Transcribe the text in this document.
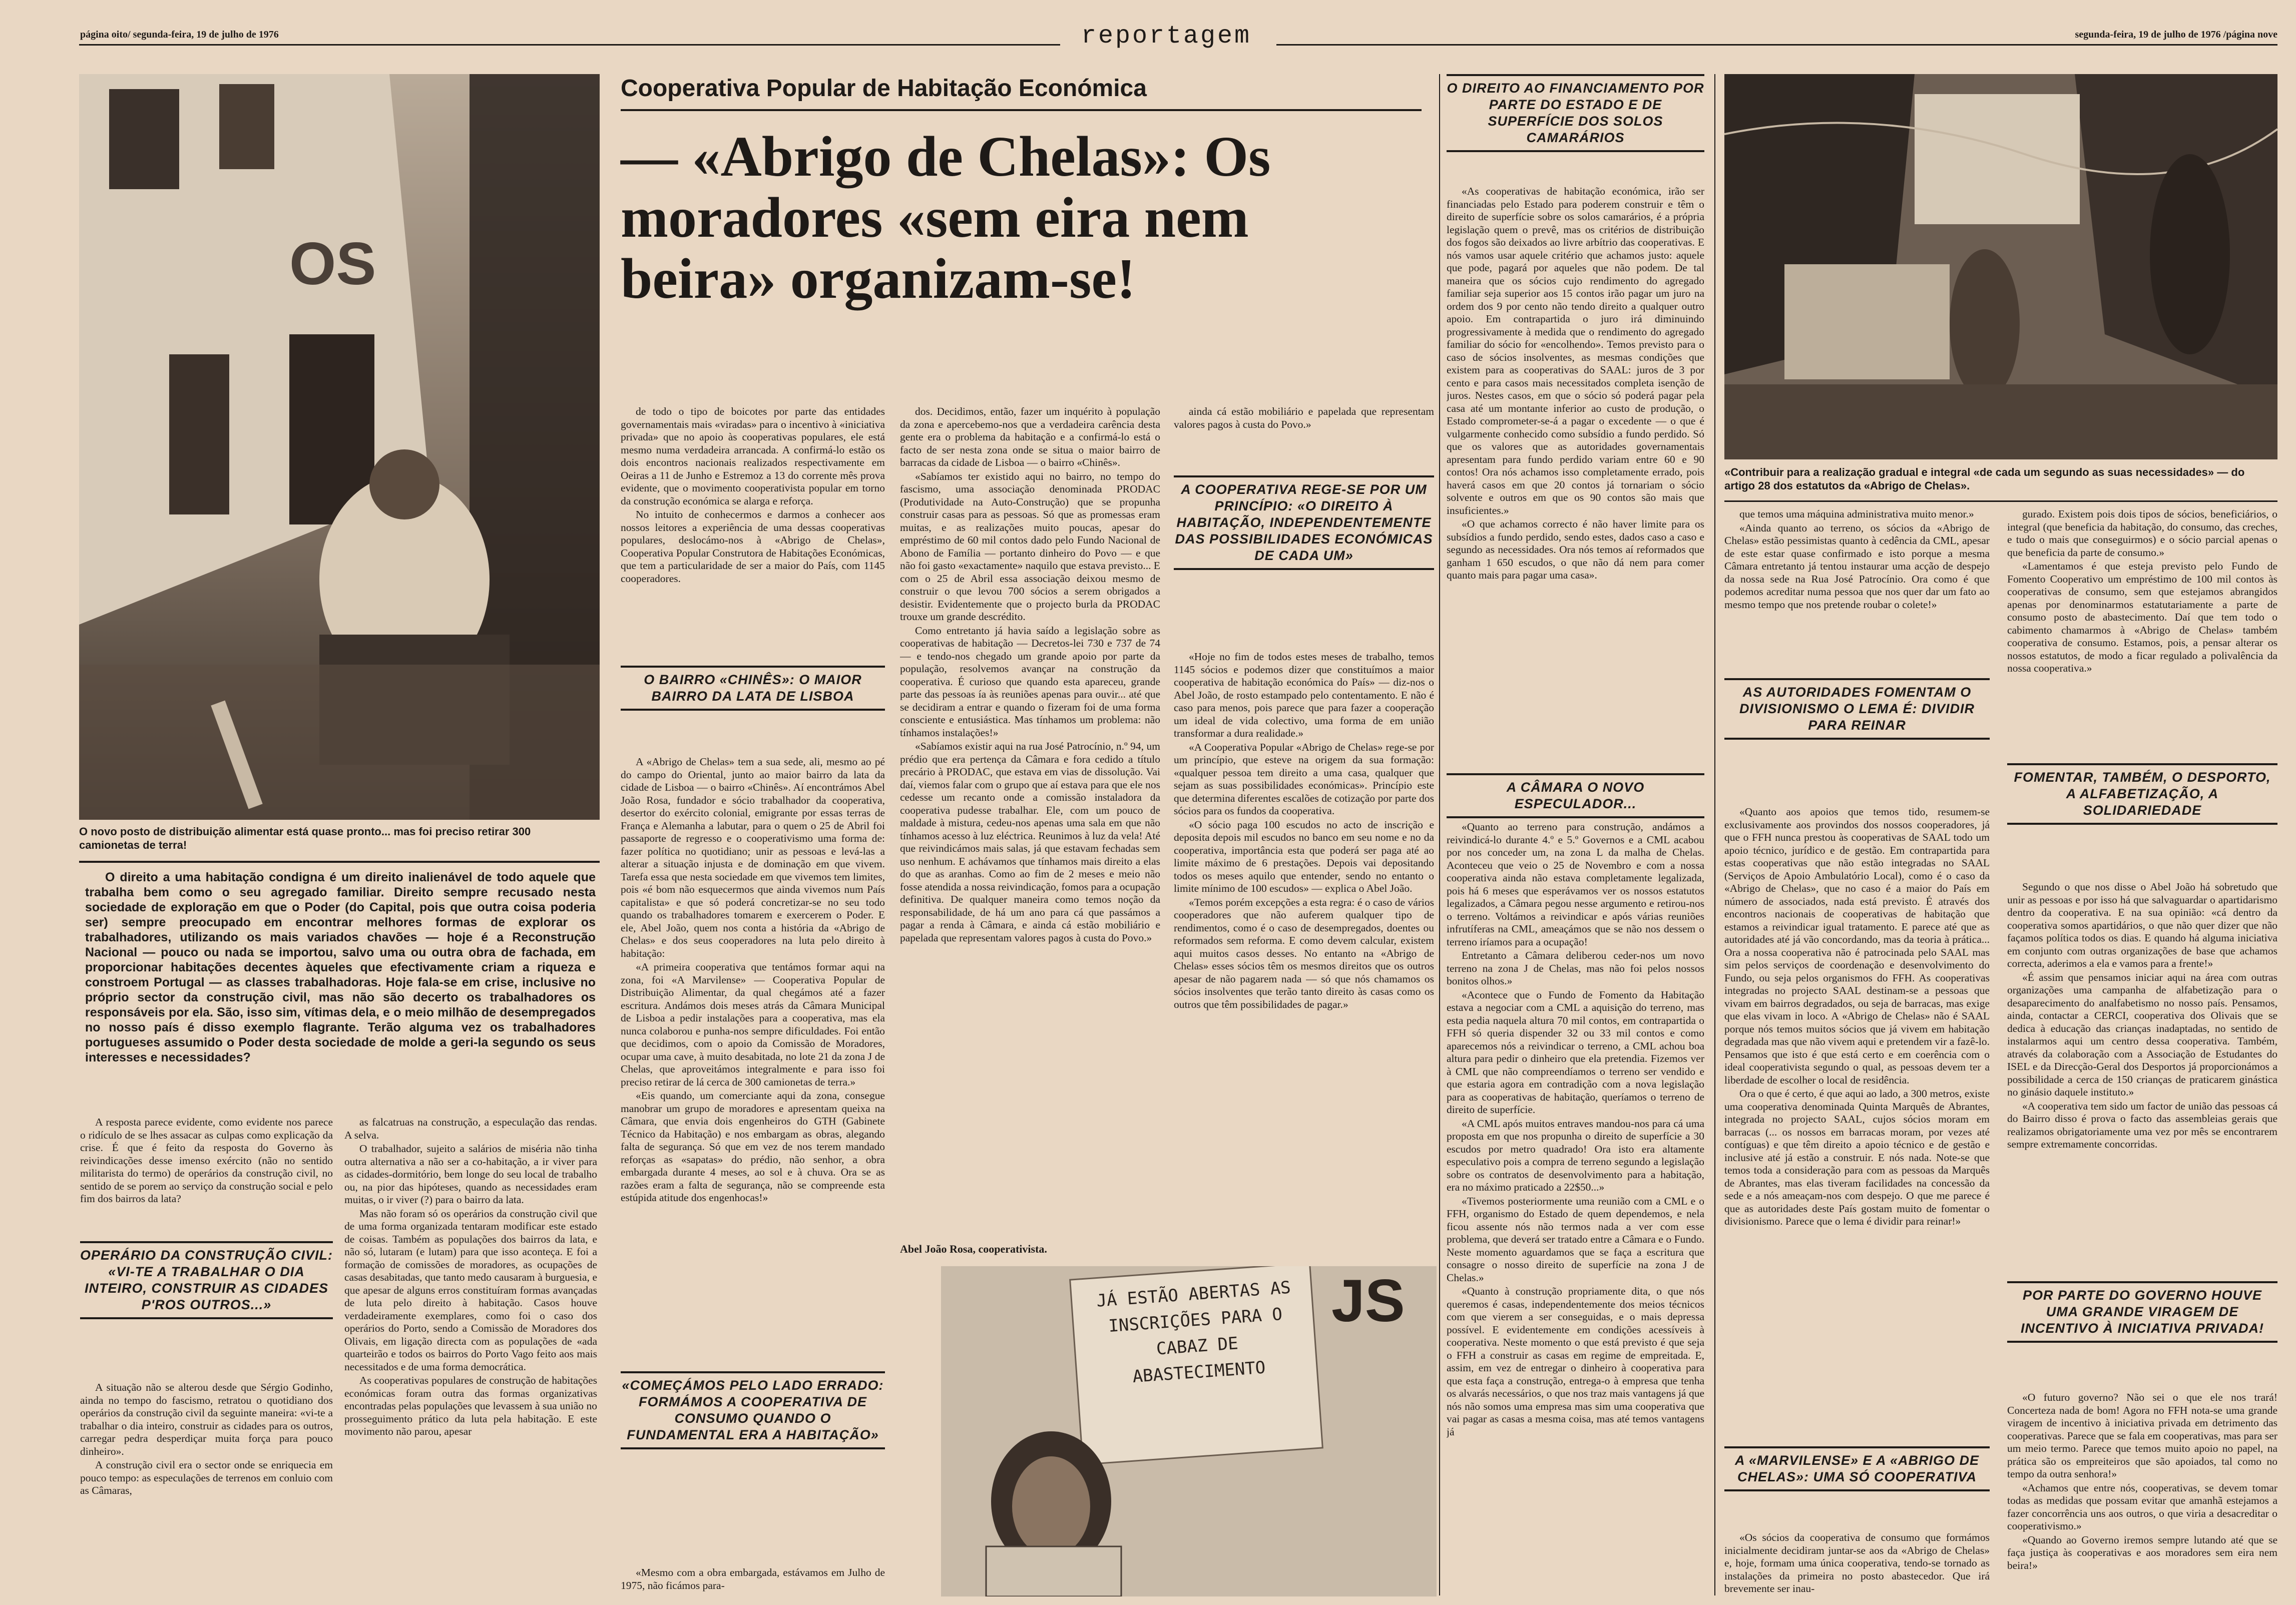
página oito/ segunda-feira, 19 de julho de 1976	reportagem	segunda-feira, 19 de julho de 1976 /página nove
OS
O novo posto de distribuição alimentar está quase pronto... mas foi preciso retirar 300 camionetas de terra!
O direito a uma habitação condigna é um direito inalienável de todo aquele que trabalha bem como o seu agregado familiar. Direito sempre recusado nesta sociedade de exploração em que o Poder (do Capital, pois que outra coisa poderia ser) sempre preocupado em encontrar melhores formas de explorar os trabalhadores, utilizando os mais variados chavões — hoje é a Reconstrução Nacional — pouco ou nada se importou, salvo uma ou outra obra de fachada, em proporcionar habitações decentes àqueles que efectivamente criam a riqueza e constroem Portugal — as classes trabalhadoras. Hoje fala-se em crise, inclusive no próprio sector da construção civil, mas não são decerto os trabalhadores os responsáveis por ela. São, isso sim, vítimas dela, e o meio milhão de desempregados no nosso país é disso exemplo flagrante. Terão alguma vez os trabalhadores portugueses assumido o Poder desta sociedade de molde a geri-la segundo os seus interesses e necessidades?

A resposta parece evidente, como evidente nos parece o ridículo de se lhes assacar as culpas como explicação da crise. É que é feito da resposta do Governo às reivindicações desse imenso exército (não no sentido militarista do termo) de operários da construção civil, no sentido de se porem ao serviço da construção social e pelo fim dos bairros da lata?

OPERÁRIO DA CONSTRUÇÃO CIVIL: «VI-TE A TRABALHAR O DIA INTEIRO, CONSTRUIR AS CIDADES P'ROS OUTROS...»

A situação não se alterou desde que Sérgio Godinho, ainda no tempo do fascismo, retratou o quotidiano dos operários da construção civil da seguinte maneira: «vi-te a trabalhar o dia inteiro, construir as cidades para os outros, carregar pedra desperdiçar muita força para pouco dinheiro».

A construção civil era o sector onde se enriquecia em pouco tempo: as especulações de terrenos em conluio com as Câmaras,

as falcatruas na construção, a especulação das rendas. A selva.

O trabalhador, sujeito a salários de miséria não tinha outra alternativa a não ser a co-habitação, a ir viver para as cidades-dormitório, bem longe do seu local de trabalho ou, na pior das hipóteses, quando as necessidades eram muitas, o ir viver (?) para o bairro da lata.

Mas não foram só os operários da construção civil que de uma forma organizada tentaram modificar este estado de coisas. Também as populações dos bairros da lata, e não só, lutaram (e lutam) para que isso aconteça. E foi a formação de comissões de moradores, as ocupações de casas desabitadas, que tanto medo causaram à burguesia, e que apesar de alguns erros constituíram formas avançadas de luta pelo direito à habitação. Casos houve verdadeiramente exemplares, como foi o caso dos operários do Porto, sendo a Comissão de Moradores dos Olivais, em ligação directa com as populações de «ada quarteirão e todos os bairros do Porto Vago feito aos mais necessitados e de uma forma democrática.

As cooperativas populares de construção de habitações económicas foram outra das formas organizativas encontradas pelas populações que levassem à sua união no prosseguimento prático da luta pela habitação. E este movimento não parou, apesar

Cooperativa Popular de Habitação Económica
— «Abrigo de Chelas»: Os moradores «sem eira nem beira» organizam-se!

de todo o tipo de boicotes por parte das entidades governamentais mais «viradas» para o incentivo à «iniciativa privada» que no apoio às cooperativas populares, ele está mesmo numa verdadeira arrancada. A confirmá-lo estão os dois encontros nacionais realizados respectivamente em Oeiras a 11 de Junho e Estremoz a 13 do corrente mês prova evidente, que o movimento cooperativista popular em torno da construção económica se alarga e reforça.

No intuito de conhecermos e darmos a conhecer aos nossos leitores a experiência de uma dessas cooperativas populares, deslocámo-nos à «Abrigo de Chelas», Cooperativa Popular Construtora de Habitações Económicas, que tem a particularidade de ser a maior do País, com 1145 cooperadores.

O BAIRRO «CHINÊS»: O MAIOR BAIRRO DA LATA DE LISBOA

A «Abrigo de Chelas» tem a sua sede, ali, mesmo ao pé do campo do Oriental, junto ao maior bairro da lata da cidade de Lisboa — o bairro «Chinês». Aí encontrámos Abel João Rosa, fundador e sócio trabalhador da cooperativa, desertor do exército colonial, emigrante por essas terras de França e Alemanha a labutar, para o quem o 25 de Abril foi passaporte de regresso e o cooperativismo uma forma de: fazer política no quotidiano; unir as pessoas e levá-las a alterar a situação injusta e de dominação em que vivem. Tarefa essa que nesta sociedade em que vivemos tem limites, pois «é bom não esquecermos que ainda vivemos num País capitalista» e que só poderá concretizar-se no seu todo quando os trabalhadores tomarem e exercerem o Poder. E ele, Abel João, quem nos conta a história da «Abrigo de Chelas» e dos seus cooperadores na luta pelo direito à habitação:

«A primeira cooperativa que tentámos formar aqui na zona, foi «A Marvilense» — Cooperativa Popular de Distribuição Alimentar, da qual chegámos até a fazer escritura. Andámos dois meses atrás da Câmara Municipal de Lisboa a pedir instalações para a cooperativa, mas ela nunca colaborou e punha-nos sempre dificuldades. Foi então que decidimos, com o apoio da Comissão de Moradores, ocupar uma cave, à muito desabitada, no lote 21 da zona J de Chelas, que aproveitámos integralmente e para isso foi preciso retirar de lá cerca de 300 camionetas de terra.»

«Eis quando, um comerciante aqui da zona, consegue manobrar um grupo de moradores e apresentam queixa na Câmara, que envia dois engenheiros do GTH (Gabinete Técnico da Habitação) e nos embargam as obras, alegando falta de segurança. Só que em vez de nos terem mandado reforças as «sapatas» do prédio, não senhor, a obra embargada durante 4 meses, ao sol e à chuva. Ora se as razões eram a falta de segurança, não se compreende esta estúpida atitude dos engenhocas!»

«COMEÇÁMOS PELO LADO ERRADO: FORMÁMOS A COOPERATIVA DE CONSUMO QUANDO O FUNDAMENTAL ERA A HABITAÇÃO»

«Mesmo com a obra embargada, estávamos em Julho de 1975, não ficámos para-

dos. Decidimos, então, fazer um inquérito à população da zona e apercebemo-nos que a verdadeira carência desta gente era o problema da habitação e a confirmá-lo está o facto de ser nesta zona onde se situa o maior bairro de barracas da cidade de Lisboa — o bairro «Chinês».

«Sabíamos ter existido aqui no bairro, no tempo do fascismo, uma associação denominada PRODAC (Produtividade na Auto-Construção) que se propunha construir casas para as pessoas. Só que as promessas eram muitas, e as realizações muito poucas, apesar do empréstimo de 60 mil contos dado pelo Fundo Nacional de Abono de Família — portanto dinheiro do Povo — e que não foi gasto «exactamente» naquilo que estava previsto... E com o 25 de Abril essa associação deixou mesmo de construir o que levou 700 sócios a serem obrigados a desistir. Evidentemente que o projecto burla da PRODAC trouxe um grande descrédito.

Como entretanto já havia saído a legislação sobre as cooperativas de habitação — Decretos-lei 730 e 737 de 74 — e tendo-nos chegado um grande apoio por parte da população, resolvemos avançar na construção da cooperativa. É curioso que quando esta apareceu, grande parte das pessoas ía às reuniões apenas para ouvir... até que se decidiram a entrar e quando o fizeram foi de uma forma consciente e entusiástica. Mas tínhamos um problema: não tínhamos instalações!»

«Sabíamos existir aqui na rua José Patrocínio, n.º 94, um prédio que era pertença da Câmara e fora cedido a título precário à PRODAC, que estava em vias de dissolução. Vai daí, viemos falar com o grupo que aí estava para que ele nos cedesse um recanto onde a comissão instaladora da cooperativa pudesse trabalhar. Ele, com um pouco de maldade à mistura, cedeu-nos apenas uma sala em que não tínhamos acesso à luz eléctrica. Reunimos à luz da vela! Até que reivindicámos mais salas, já que estavam fechadas sem uso nenhum. E achávamos que tínhamos mais direito a elas do que as aranhas. Como ao fim de 2 meses e meio não fosse atendida a nossa reivindicação, fomos para a ocupação definitiva. De qualquer maneira como temos noção da responsabilidade, de há um ano para cá que passámos a pagar a renda à Câmara, e ainda cá estão mobiliário e papelada que representam valores pagos à custa do Povo.»

Abel João Rosa, cooperativista.

ainda cá estão mobiliário e papelada que representam valores pagos à custa do Povo.»

A COOPERATIVA REGE-SE POR UM PRINCÍPIO: «O DIREITO À HABITAÇÃO, INDEPENDENTEMENTE DAS POSSIBILIDADES ECONÓMICAS DE CADA UM»

«Hoje no fim de todos estes meses de trabalho, temos 1145 sócios e podemos dizer que constituímos a maior cooperativa de habitação económica do País» — diz-nos o Abel João, de rosto estampado pelo contentamento. E não é caso para menos, pois parece que para fazer a cooperação um ideal de vida colectivo, uma forma de em união transformar a dura realidade.»

«A Cooperativa Popular «Abrigo de Chelas» rege-se por um princípio, que esteve na origem da sua formação: «qualquer pessoa tem direito a uma casa, qualquer que sejam as suas possibilidades económicas». Princípio este que determina diferentes escalões de cotização por parte dos sócios para os fundos da cooperativa.

«O sócio paga 100 escudos no acto de inscrição e deposita depois mil escudos no banco em seu nome e no da cooperativa, importância esta que poderá ser paga até ao limite máximo de 6 prestações. Depois vai depositando todos os meses aquilo que entender, sendo no entanto o limite mínimo de 100 escudos» — explica o Abel João.

«Temos porém excepções a esta regra: é o caso de vários cooperadores que não auferem qualquer tipo de rendimentos, como é o caso de desempregados, doentes ou reformados sem reforma. E como devem calcular, existem aqui muitos casos desses. No entanto na «Abrigo de Chelas» esses sócios têm os mesmos direitos que os outros apesar de não pagarem nada — só que nós chamamos os sócios insolventes que terão tanto direito às casas como os outros que têm possibilidades de pagar.»

JS
JÁ ESTÃO ABERTAS AS INSCRIÇÕES PARA O CABAZ DE ABASTECIMENTO
O DIREITO AO FINANCIAMENTO POR PARTE DO ESTADO E DE SUPERFÍCIE DOS SOLOS CAMARÁRIOS

«As cooperativas de habitação económica, irão ser financiadas pelo Estado para poderem construir e têm o direito de superfície sobre os solos camarários, é a própria legislação quem o prevê, mas os critérios de distribuição dos fogos são deixados ao livre arbítrio das cooperativas. E nós vamos usar aquele critério que achamos justo: aquele que pode, pagará por aqueles que não podem. De tal maneira que os sócios cujo rendimento do agregado familiar seja superior aos 15 contos irão pagar um juro na ordem dos 9 por cento não tendo direito a qualquer outro apoio. Em contrapartida o juro irá diminuindo progressivamente à medida que o rendimento do agregado familiar do sócio for «encolhendo». Temos previsto para o caso de sócios insolventes, as mesmas condições que existem para as cooperativas do SAAL: juros de 3 por cento e para casos mais necessitados completa isenção de juros. Nestes casos, em que o sócio só poderá pagar pela casa até um montante inferior ao custo de produção, o Estado comprometer-se-á a pagar o excedente — o que é vulgarmente conhecido como subsídio a fundo perdido. Só que os valores que as autoridades governamentais apresentam para fundo perdido variam entre 60 e 90 contos! Ora nós achamos isso completamente errado, pois haverá casos em que 20 contos já tornariam o sócio solvente e outros em que os 90 contos são mais que insuficientes.»

«O que achamos correcto é não haver limite para os subsídios a fundo perdido, sendo estes, dados caso a caso e segundo as necessidades. Ora nós temos aí reformados que ganham 1 650 escudos, o que não dá nem para comer quanto mais para pagar uma casa».

A CÂMARA O NOVO ESPECULADOR...

«Quanto ao terreno para construção, andámos a reivindicá-lo durante 4.º e 5.º Governos e a CML acabou por nos conceder um, na zona L da malha de Chelas. Aconteceu que veio o 25 de Novembro e com a nossa cooperativa ainda não estava completamente legalizada, pois há 6 meses que esperávamos ver os nossos estatutos legalizados, a Câmara pegou nesse argumento e retirou-nos o terreno. Voltámos a reivindicar e após várias reuniões infrutíferas na CML, ameaçámos que se não nos dessem o terreno iríamos para a ocupação!

Entretanto a Câmara deliberou ceder-nos um novo terreno na zona J de Chelas, mas não foi pelos nossos bonitos olhos.»

«Acontece que o Fundo de Fomento da Habitação estava a negociar com a CML a aquisição do terreno, mas esta pedia naquela altura 70 mil contos, em contrapartida o FFH só queria dispender 32 ou 33 mil contos e como aparecemos nós a reivindicar o terreno, a CML achou boa altura para pedir o dinheiro que ela pretendia. Fizemos ver à CML que não compreendíamos o terreno ser vendido e que estaria agora em contradição com a nova legislação para as cooperativas de habitação, queríamos o terreno de direito de superfície.

«A CML após muitos entraves mandou-nos para cá uma proposta em que nos propunha o direito de superfície a 30 escudos por metro quadrado! Ora isto era altamente especulativo pois a compra de terreno segundo a legislação sobre os contratos de desenvolvimento para a habitação, era no máximo praticado a 22$50...»

«Tivemos posteriormente uma reunião com a CML e o FFH, organismo do Estado de quem dependemos, e nela ficou assente nós não termos nada a ver com esse problema, que deverá ser tratado entre a Câmara e o Fundo. Neste momento aguardamos que se faça a escritura que consagre o nosso direito de superfície na zona J de Chelas.»

«Quanto à construção propriamente dita, o que nós queremos é casas, independentemente dos meios técnicos com que vierem a ser conseguidas, e o mais depressa possível. E evidentemente em condições acessíveis à cooperativa. Neste momento o que está previsto é que seja o FFH a construir as casas em regime de empreitada. E, assim, em vez de entregar o dinheiro à cooperativa para que esta faça a construção, entrega-o à empresa que tenha os alvarás necessários, o que nos traz mais vantagens já que nós não somos uma empresa mas sim uma cooperativa que vai pagar as casas a mesma coisa, mas até temos vantagens já

«Contribuir para a realização gradual e integral «de cada um segundo as suas necessidades» — do artigo 28 dos estatutos da «Abrigo de Chelas».

que temos uma máquina administrativa muito menor.»

«Ainda quanto ao terreno, os sócios da «Abrigo de Chelas» estão pessimistas quanto à cedência da CML, apesar de este estar quase confirmado e isto porque a mesma Câmara entretanto já tentou instaurar uma acção de despejo da nossa sede na Rua José Patrocínio. Ora como é que podemos acreditar numa pessoa que nos quer dar um fato ao mesmo tempo que nos pretende roubar o colete!»

AS AUTORIDADES FOMENTAM O DIVISIONISMO O LEMA É: DIVIDIR PARA REINAR

«Quanto aos apoios que temos tido, resumem-se exclusivamente aos provindos dos nossos cooperadores, já que o FFH nunca prestou às cooperativas de SAAL todo um apoio técnico, jurídico e de gestão. Em contrapartida para estas cooperativas que não estão integradas no SAAL (Serviços de Apoio Ambulatório Local), como é o caso da «Abrigo de Chelas», que no caso é a maior do País em número de associados, nada está previsto. É através dos encontros nacionais de cooperativas de habitação que estamos a reivindicar igual tratamento. E parece até que as autoridades até já vão concordando, mas da teoria à prática... Ora a nossa cooperativa não é patrocinada pelo SAAL mas sim pelos serviços de coordenação e desenvolvimento do Fundo, ou seja pelos organismos do FFH. As cooperativas integradas no projecto SAAL destinam-se a pessoas que vivam em bairros degradados, ou seja de barracas, mas exige que elas vivam in loco. A «Abrigo de Chelas» não é SAAL porque nós temos muitos sócios que já vivem em habitação degradada mas que não vivem aqui e pretendem vir a fazê-lo. Pensamos que isto é que está certo e em coerência com o ideal cooperativista segundo o qual, as pessoas devem ter a liberdade de escolher o local de residência.

Ora o que é certo, é que aqui ao lado, a 300 metros, existe uma cooperativa denominada Quinta Marquês de Abrantes, integrada no projecto SAAL, cujos sócios moram em barracas (... os nossos em barracas moram, por vezes até contíguas) e que têm direito a apoio técnico e de gestão e inclusive até já estão a construir. E nós nada. Note-se que temos toda a consideração para com as pessoas da Marquês de Abrantes, mas elas tiveram facilidades na concessão da sede e a nós ameaçam-nos com despejo. O que me parece é que as autoridades deste País gostam muito de fomentar o divisionismo. Parece que o lema é dividir para reinar!»

A «MARVILENSE» E A «ABRIGO DE CHELAS»: UMA SÓ COOPERATIVA

«Os sócios da cooperativa de consumo que formámos inicialmente decidiram juntar-se aos da «Abrigo de Chelas» e, hoje, formam uma única cooperativa, tendo-se tornado as instalações da primeira no posto abastecedor. Que irá brevemente ser inau-

gurado. Existem pois dois tipos de sócios, beneficiários, o integral (que beneficia da habitação, do consumo, das creches, e tudo o mais que conseguirmos) e o sócio parcial apenas o que beneficia da parte de consumo.»

«Lamentamos é que esteja previsto pelo Fundo de Fomento Cooperativo um empréstimo de 100 mil contos às cooperativas de consumo, sem que estejamos abrangidos apenas por denominarmos estatutariamente a parte de consumo posto de abastecimento. Daí que tem todo o cabimento chamarmos à «Abrigo de Chelas» também cooperativa de consumo. Estamos, pois, a pensar alterar os nossos estatutos, de modo a ficar regulado a polivalência da nossa cooperativa.»

FOMENTAR, TAMBÉM, O DESPORTO, A ALFABETIZAÇÃO, A SOLIDARIEDADE

Segundo o que nos disse o Abel João há sobretudo que unir as pessoas e por isso há que salvaguardar o apartidarismo dentro da cooperativa. E na sua opinião: «cá dentro da cooperativa somos apartidários, o que não quer dizer que não façamos política todos os dias. E quando há alguma iniciativa em conjunto com outras organizações de base que achamos correcta, aderimos a ela e vamos para a frente!»

«É assim que pensamos iniciar aqui na área com outras organizações uma campanha de alfabetização para o desaparecimento do analfabetismo no nosso país. Pensamos, ainda, contactar a CERCI, cooperativa dos Olivais que se dedica à educação das crianças inadaptadas, no sentido de instalarmos aqui um centro dessa cooperativa. Também, através da colaboração com a Associação de Estudantes do ISEL e da Direcção-Geral dos Desportos já proporcionámos a possibilidade a cerca de 150 crianças de praticarem ginástica no ginásio daquele instituto.»

«A cooperativa tem sido um factor de união das pessoas cá do Bairro disso é prova o facto das assembleias gerais que realizamos obrigatoriamente uma vez por mês se encontrarem sempre extremamente concorridas.

POR PARTE DO GOVERNO HOUVE UMA GRANDE VIRAGEM DE INCENTIVO À INICIATIVA PRIVADA!

«O futuro governo? Não sei o que ele nos trará! Concerteza nada de bom! Agora no FFH nota-se uma grande viragem de incentivo à iniciativa privada em detrimento das cooperativas. Parece que se fala em cooperativas, mas para ser um meio termo. Parece que temos muito apoio no papel, na prática são os empreiteiros que são apoiados, tal como no tempo da outra senhora!»

«Achamos que entre nós, cooperativas, se devem tomar todas as medidas que possam evitar que amanhã estejamos a fazer concorrência uns aos outros, o que viria a desacreditar o cooperativismo.»

«Quando ao Governo iremos sempre lutando até que se faça justiça às cooperativas e aos moradores sem eira nem beira!»
